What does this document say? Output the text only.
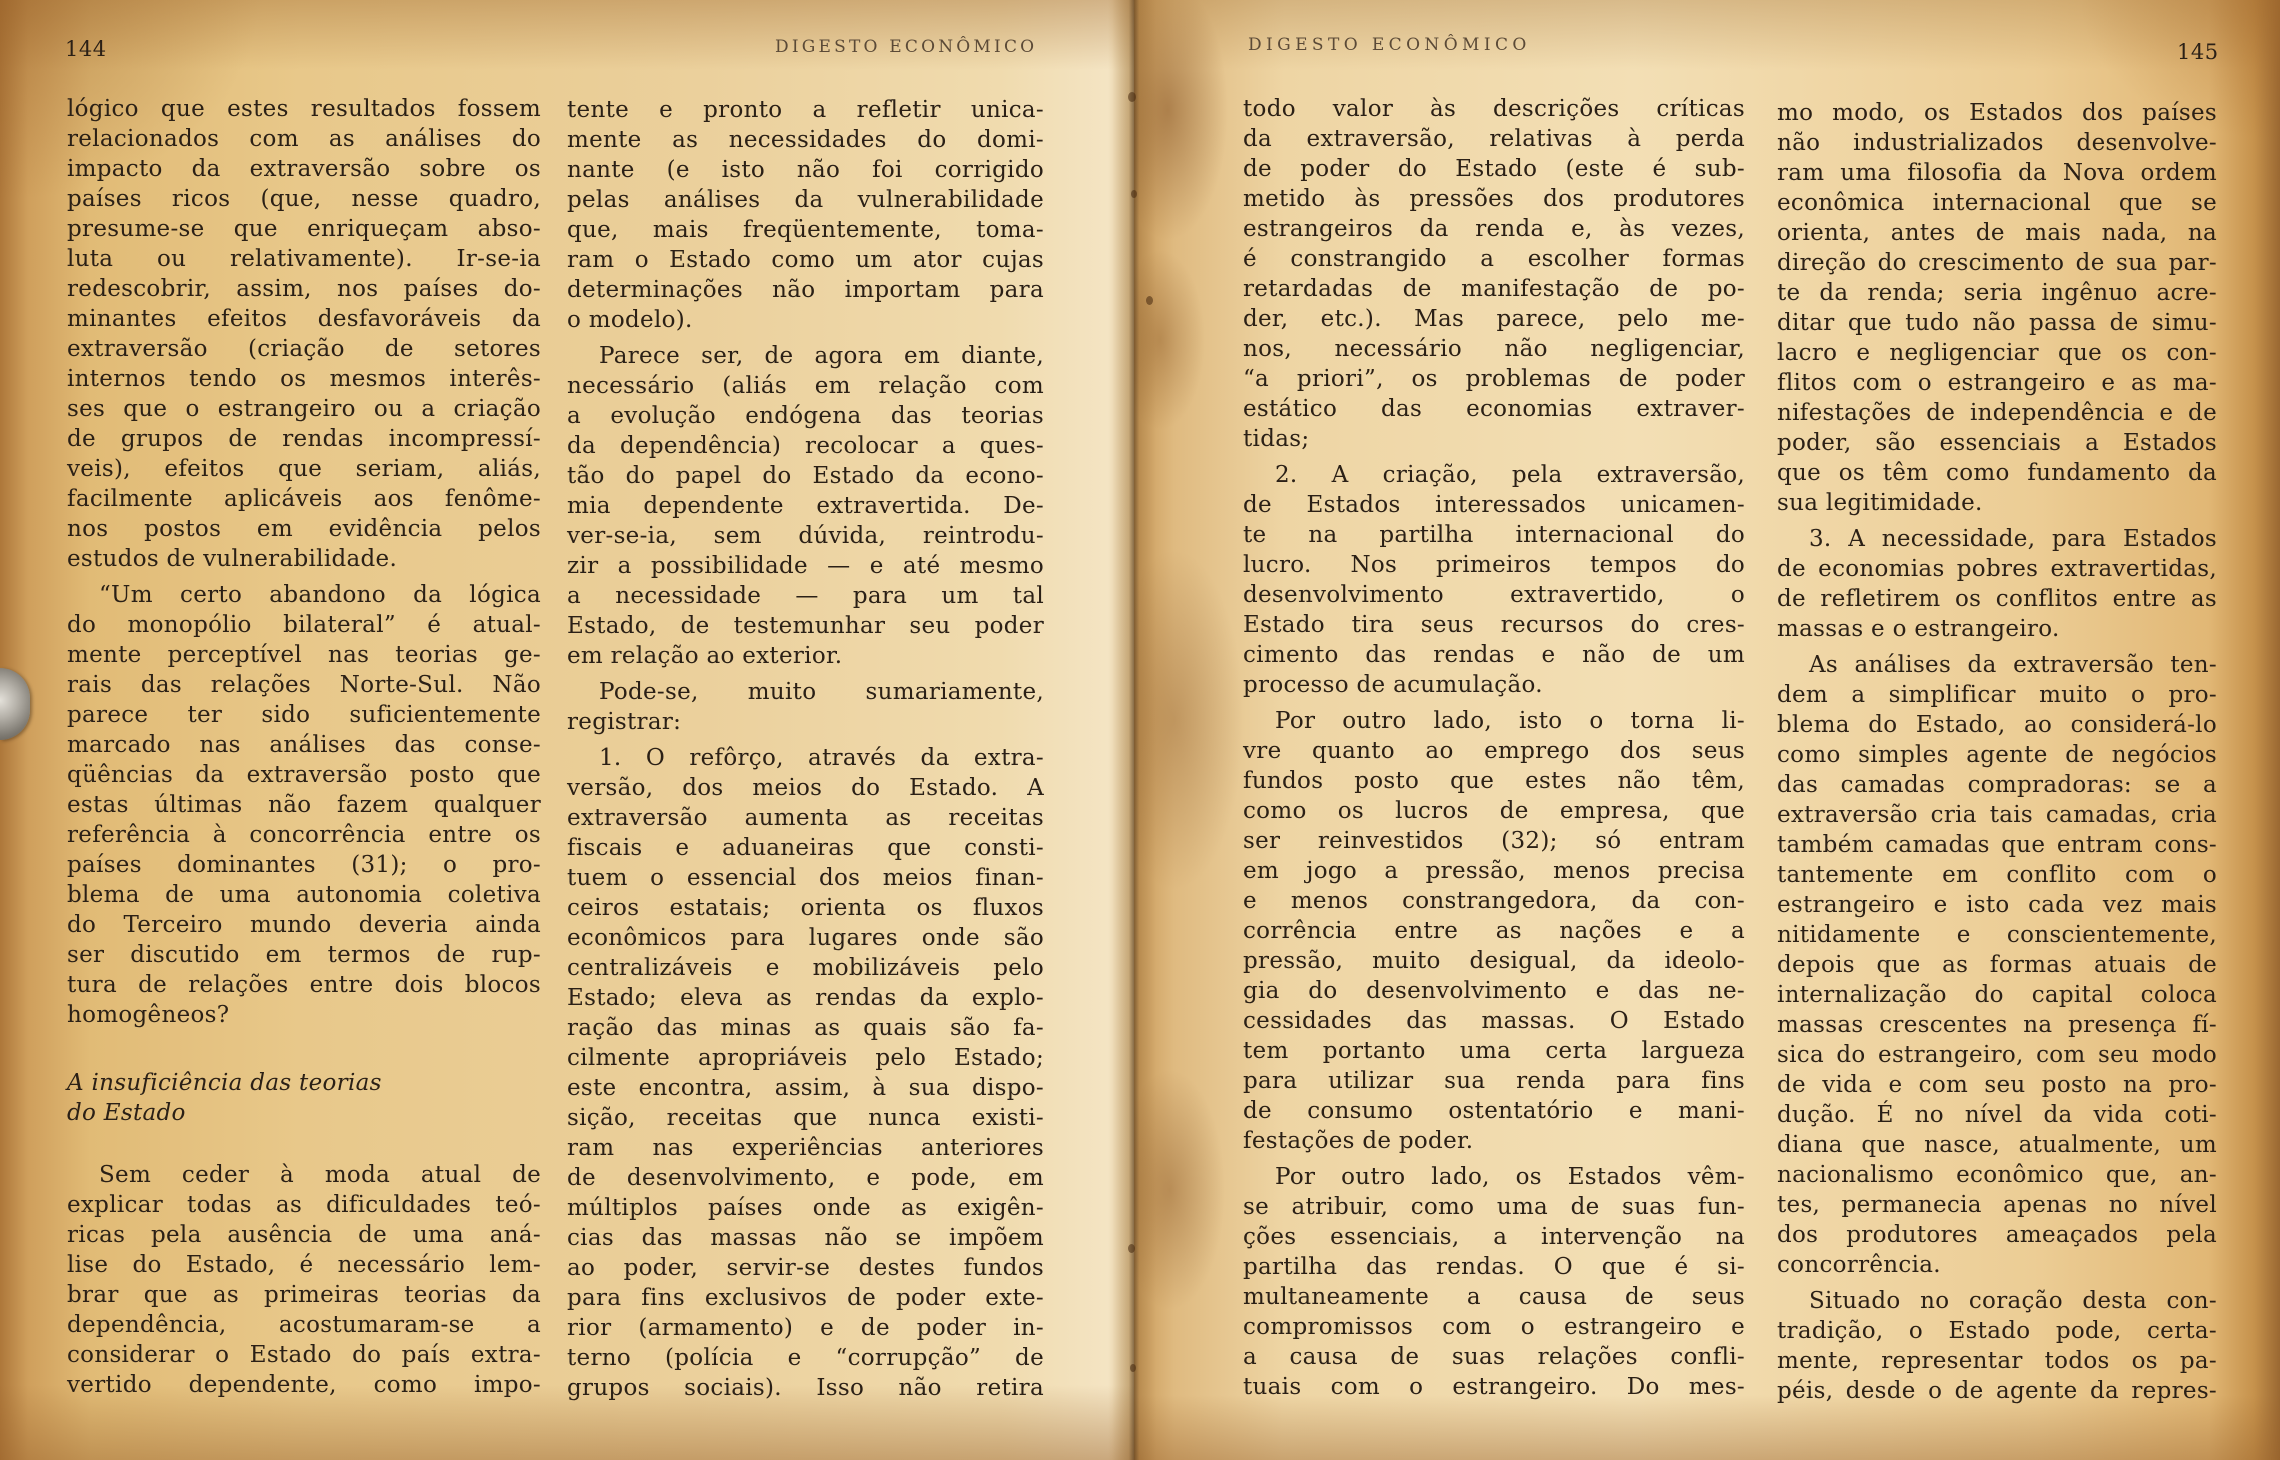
144	DIGESTO ECONÔMICO
lógico que estes resultados fossem
relacionados com as análises do
impacto da extraversão sobre os
países ricos (que, nesse quadro,
presume-se que enriqueçam abso-
luta ou relativamente). Ir-se-ia
redescobrir, assim, nos países do-
minantes efeitos desfavoráveis da
extraversão (criação de setores
internos tendo os mesmos interês-
ses que o estrangeiro ou a criação
de grupos de rendas incompressí-
veis), efeitos que seriam, aliás,
facilmente aplicáveis aos fenôme-
nos postos em evidência pelos
estudos de vulnerabilidade.
“Um certo abandono da lógica
do monopólio bilateral” é atual-
mente perceptível nas teorias ge-
rais das relações Norte-Sul. Não
parece ter sido suficientemente
marcado nas análises das conse-
qüências da extraversão posto que
estas últimas não fazem qualquer
referência à concorrência entre os
países dominantes (31); o pro-
blema de uma autonomia coletiva
do Terceiro mundo deveria ainda
ser discutido em termos de rup-
tura de relações entre dois blocos
homogêneos?
A insuficiência das teorias
do Estado
Sem ceder à moda atual de
explicar todas as dificuldades teó-
ricas pela ausência de uma aná-
lise do Estado, é necessário lem-
brar que as primeiras teorias da
dependência, acostumaram-se a
considerar o Estado do país extra-
vertido dependente, como impo-
tente e pronto a refletir unica-
mente as necessidades do domi-
nante (e isto não foi corrigido
pelas análises da vulnerabilidade
que, mais freqüentemente, toma-
ram o Estado como um ator cujas
determinações não importam para
o modelo).
Parece ser, de agora em diante,
necessário (aliás em relação com
a evolução endógena das teorias
da dependência) recolocar a ques-
tão do papel do Estado da econo-
mia dependente extravertida. De-
ver-se-ia, sem dúvida, reintrodu-
zir a possibilidade — e até mesmo
a necessidade — para um tal
Estado, de testemunhar seu poder
em relação ao exterior.
Pode-se, muito sumariamente,
registrar:
1. O refôrço, através da extra-
versão, dos meios do Estado. A
extraversão aumenta as receitas
fiscais e aduaneiras que consti-
tuem o essencial dos meios finan-
ceiros estatais; orienta os fluxos
econômicos para lugares onde são
centralizáveis e mobilizáveis pelo
Estado; eleva as rendas da explo-
ração das minas as quais são fa-
cilmente apropriáveis pelo Estado;
este encontra, assim, à sua dispo-
sição, receitas que nunca existi-
ram nas experiências anteriores
de desenvolvimento, e pode, em
múltiplos países onde as exigên-
cias das massas não se impõem
ao poder, servir-se destes fundos
para fins exclusivos de poder exte-
rior (armamento) e de poder in-
terno (polícia e “corrupção” de
grupos sociais). Isso não retira
DIGESTO ECONÔMICO	145
todo valor às descrições críticas
da extraversão, relativas à perda
de poder do Estado (este é sub-
metido às pressões dos produtores
estrangeiros da renda e, às vezes,
é constrangido a escolher formas
retardadas de manifestação de po-
der, etc.). Mas parece, pelo me-
nos, necessário não negligenciar,
“a priori”, os problemas de poder
estático das economias extraver-
tidas;
2. A criação, pela extraversão,
de Estados interessados unicamen-
te na partilha internacional do
lucro. Nos primeiros tempos do
desenvolvimento extravertido, o
Estado tira seus recursos do cres-
cimento das rendas e não de um
processo de acumulação.
Por outro lado, isto o torna li-
vre quanto ao emprego dos seus
fundos posto que estes não têm,
como os lucros de empresa, que
ser reinvestidos (32); só entram
em jogo a pressão, menos precisa
e menos constrangedora, da con-
corrência entre as nações e a
pressão, muito desigual, da ideolo-
gia do desenvolvimento e das ne-
cessidades das massas. O Estado
tem portanto uma certa largueza
para utilizar sua renda para fins
de consumo ostentatório e mani-
festações de poder.
Por outro lado, os Estados vêm-
se atribuir, como uma de suas fun-
ções essenciais, a intervenção na
partilha das rendas. O que é si-
multaneamente a causa de seus
compromissos com o estrangeiro e
a causa de suas relações confli-
tuais com o estrangeiro. Do mes-
mo modo, os Estados dos países
não industrializados desenvolve-
ram uma filosofia da Nova ordem
econômica internacional que se
orienta, antes de mais nada, na
direção do crescimento de sua par-
te da renda; seria ingênuo acre-
ditar que tudo não passa de simu-
lacro e negligenciar que os con-
flitos com o estrangeiro e as ma-
nifestações de independência e de
poder, são essenciais a Estados
que os têm como fundamento da
sua legitimidade.
3. A necessidade, para Estados
de economias pobres extravertidas,
de refletirem os conflitos entre as
massas e o estrangeiro.
As análises da extraversão ten-
dem a simplificar muito o pro-
blema do Estado, ao considerá-lo
como simples agente de negócios
das camadas compradoras: se a
extraversão cria tais camadas, cria
também camadas que entram cons-
tantemente em conflito com o
estrangeiro e isto cada vez mais
nitidamente e conscientemente,
depois que as formas atuais de
internalização do capital coloca
massas crescentes na presença fí-
sica do estrangeiro, com seu modo
de vida e com seu posto na pro-
dução. É no nível da vida coti-
diana que nasce, atualmente, um
nacionalismo econômico que, an-
tes, permanecia apenas no nível
dos produtores ameaçados pela
concorrência.
Situado no coração desta con-
tradição, o Estado pode, certa-
mente, representar todos os pa-
péis, desde o de agente da repres-
